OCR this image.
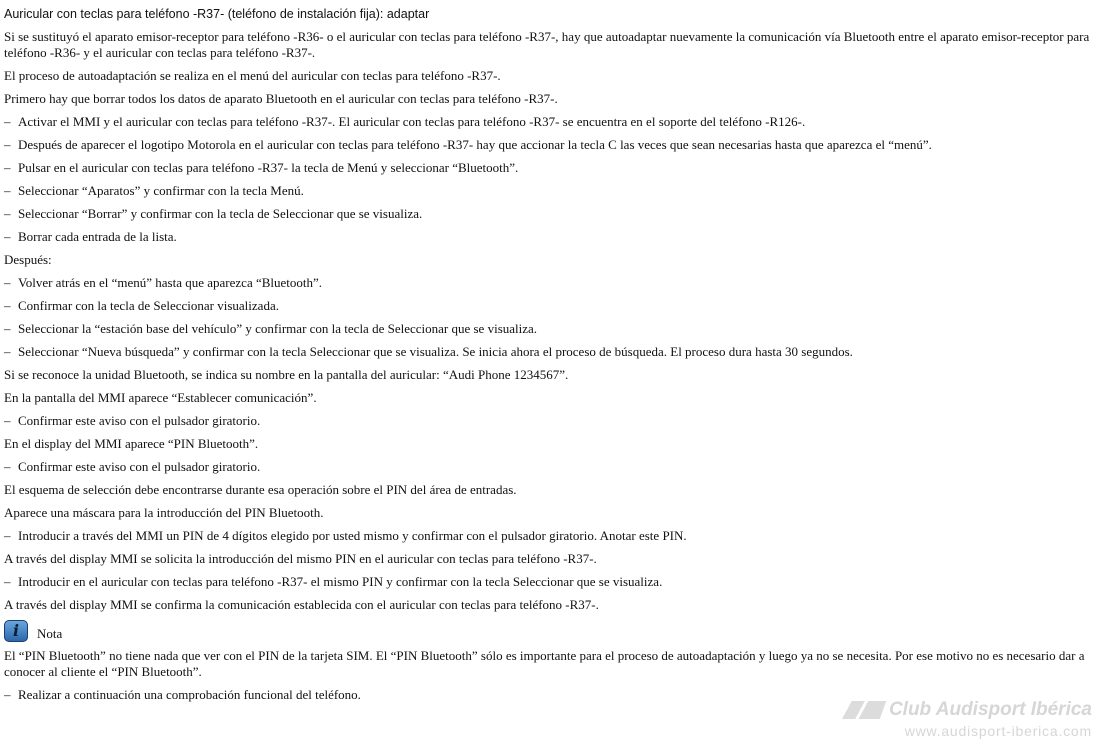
Auricular con teclas para teléfono -R37- (teléfono de instalación fija): adaptar
Si se sustituyó el aparato emisor-receptor para teléfono -R36- o el auricular con teclas para teléfono -R37-, hay que autoadaptar nuevamente la comunicación vía Bluetooth entre el aparato emisor-receptor para teléfono -R36- y el auricular con teclas para teléfono -R37-.
El proceso de autoadaptación se realiza en el menú del auricular con teclas para teléfono -R37-.
Primero hay que borrar todos los datos de aparato Bluetooth en el auricular con teclas para teléfono -R37-.
– Activar el MMI y el auricular con teclas para teléfono -R37-. El auricular con teclas para teléfono -R37- se encuentra en el soporte del teléfono -R126-.
– Después de aparecer el logotipo Motorola en el auricular con teclas para teléfono -R37- hay que accionar la tecla C las veces que sean necesarias hasta que aparezca el “menú”.
– Pulsar en el auricular con teclas para teléfono -R37- la tecla de Menú y seleccionar “Bluetooth”.
– Seleccionar “Aparatos” y confirmar con la tecla Menú.
– Seleccionar “Borrar” y confirmar con la tecla de Seleccionar que se visualiza.
– Borrar cada entrada de la lista.
Después:
– Volver atrás en el “menú” hasta que aparezca “Bluetooth”.
– Confirmar con la tecla de Seleccionar visualizada.
– Seleccionar la “estación base del vehículo” y confirmar con la tecla de Seleccionar que se visualiza.
– Seleccionar “Nueva búsqueda” y confirmar con la tecla Seleccionar que se visualiza. Se inicia ahora el proceso de búsqueda. El proceso dura hasta 30 segundos.
Si se reconoce la unidad Bluetooth, se indica su nombre en la pantalla del auricular: “Audi Phone 1234567”.
En la pantalla del MMI aparece “Establecer comunicación”.
– Confirmar este aviso con el pulsador giratorio.
En el display del MMI aparece “PIN Bluetooth”.
– Confirmar este aviso con el pulsador giratorio.
El esquema de selección debe encontrarse durante esa operación sobre el PIN del área de entradas.
Aparece una máscara para la introducción del PIN Bluetooth.
– Introducir a través del MMI un PIN de 4 dígitos elegido por usted mismo y confirmar con el pulsador giratorio. Anotar este PIN.
A través del display MMI se solicita la introducción del mismo PIN en el auricular con teclas para teléfono -R37-.
– Introducir en el auricular con teclas para teléfono -R37- el mismo PIN y confirmar con la tecla Seleccionar que se visualiza.
A través del display MMI se confirma la comunicación establecida con el auricular con teclas para teléfono -R37-.
i Nota
El “PIN Bluetooth” no tiene nada que ver con el PIN de la tarjeta SIM. El “PIN Bluetooth” sólo es importante para el proceso de autoadaptación y luego ya no se necesita. Por ese motivo no es necesario dar a conocer al cliente el “PIN Bluetooth”.
– Realizar a continuación una comprobación funcional del teléfono.
Club Audisport Ibérica
www.audisport-iberica.com
